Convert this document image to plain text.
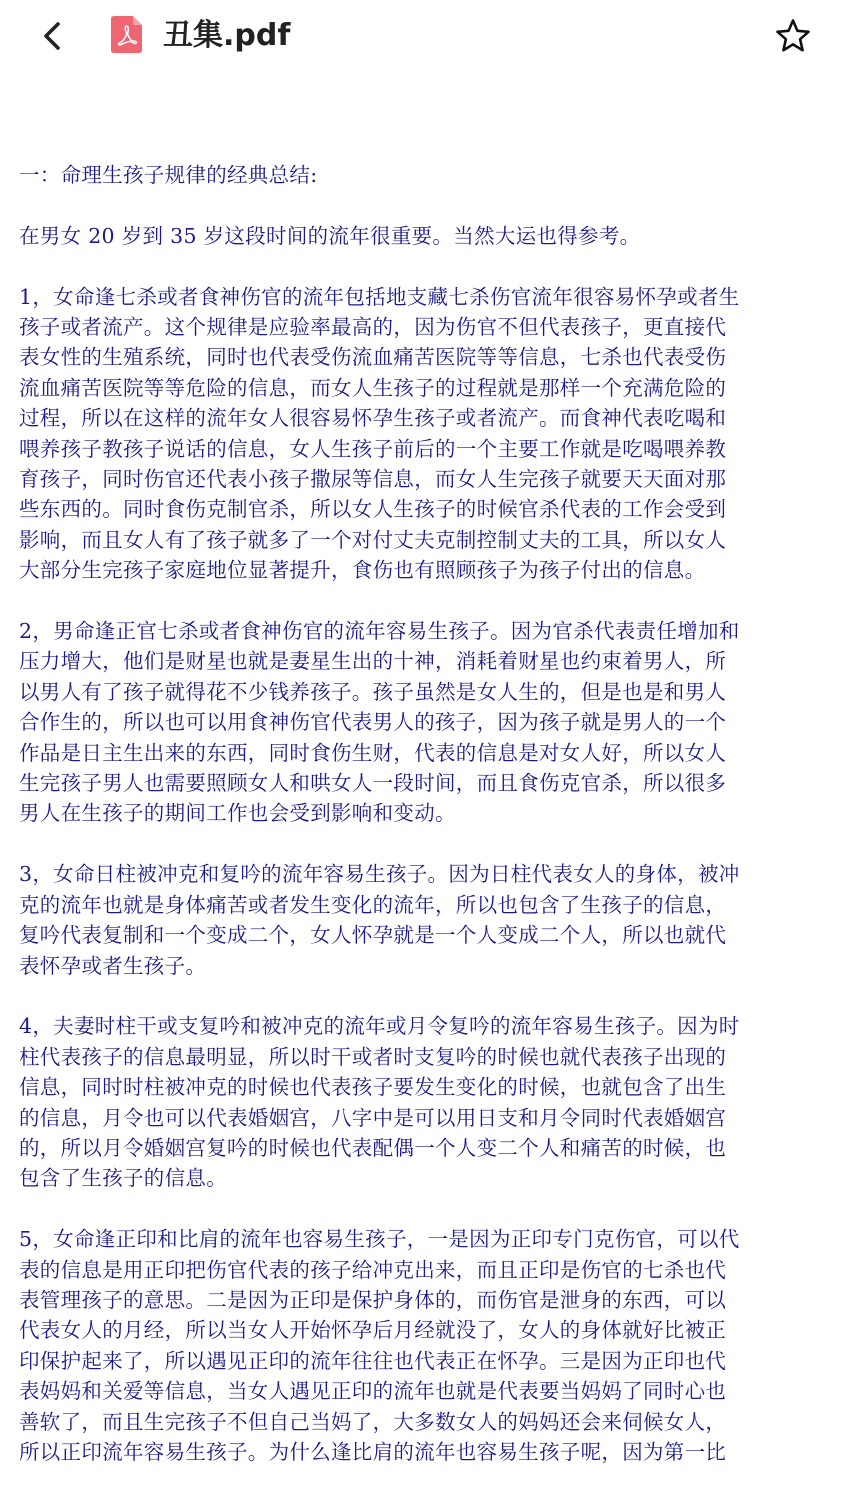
丑集.pdf

一：命理生孩子规律的经典总结:

在男女 20 岁到 35 岁这段时间的流年很重要。当然大运也得参考。

1，女命逢七杀或者食神伤官的流年包括地支藏七杀伤官流年很容易怀孕或者生
孩子或者流产。这个规律是应验率最高的，因为伤官不但代表孩子，更直接代
表女性的生殖系统，同时也代表受伤流血痛苦医院等等信息，七杀也代表受伤
流血痛苦医院等等危险的信息，而女人生孩子的过程就是那样一个充满危险的
过程，所以在这样的流年女人很容易怀孕生孩子或者流产。而食神代表吃喝和
喂养孩子教孩子说话的信息，女人生孩子前后的一个主要工作就是吃喝喂养教
育孩子，同时伤官还代表小孩子撒尿等信息，而女人生完孩子就要天天面对那
些东西的。同时食伤克制官杀，所以女人生孩子的时候官杀代表的工作会受到
影响，而且女人有了孩子就多了一个对付丈夫克制控制丈夫的工具，所以女人
大部分生完孩子家庭地位显著提升，食伤也有照顾孩子为孩子付出的信息。

2，男命逢正官七杀或者食神伤官的流年容易生孩子。因为官杀代表责任增加和
压力增大，他们是财星也就是妻星生出的十神，消耗着财星也约束着男人，所
以男人有了孩子就得花不少钱养孩子。孩子虽然是女人生的，但是也是和男人
合作生的，所以也可以用食神伤官代表男人的孩子，因为孩子就是男人的一个
作品是日主生出来的东西，同时食伤生财，代表的信息是对女人好，所以女人
生完孩子男人也需要照顾女人和哄女人一段时间，而且食伤克官杀，所以很多
男人在生孩子的期间工作也会受到影响和变动。

3，女命日柱被冲克和复吟的流年容易生孩子。因为日柱代表女人的身体，被冲
克的流年也就是身体痛苦或者发生变化的流年，所以也包含了生孩子的信息，
复吟代表复制和一个变成二个，女人怀孕就是一个人变成二个人，所以也就代
表怀孕或者生孩子。

4，夫妻时柱干或支复吟和被冲克的流年或月令复吟的流年容易生孩子。因为时
柱代表孩子的信息最明显，所以时干或者时支复吟的时候也就代表孩子出现的
信息，同时时柱被冲克的时候也代表孩子要发生变化的时候，也就包含了出生
的信息，月令也可以代表婚姻宫，八字中是可以用日支和月令同时代表婚姻宫
的，所以月令婚姻宫复吟的时候也代表配偶一个人变二个人和痛苦的时候，也
包含了生孩子的信息。

5，女命逢正印和比肩的流年也容易生孩子，一是因为正印专门克伤官，可以代
表的信息是用正印把伤官代表的孩子给冲克出来，而且正印是伤官的七杀也代
表管理孩子的意思。二是因为正印是保护身体的，而伤官是泄身的东西，可以
代表女人的月经，所以当女人开始怀孕后月经就没了，女人的身体就好比被正
印保护起来了，所以遇见正印的流年往往也代表正在怀孕。三是因为正印也代
表妈妈和关爱等信息，当女人遇见正印的流年也就是代表要当妈妈了同时心也
善软了，而且生完孩子不但自己当妈了，大多数女人的妈妈还会来伺候女人，
所以正印流年容易生孩子。为什么逢比肩的流年也容易生孩子呢，因为第一比
